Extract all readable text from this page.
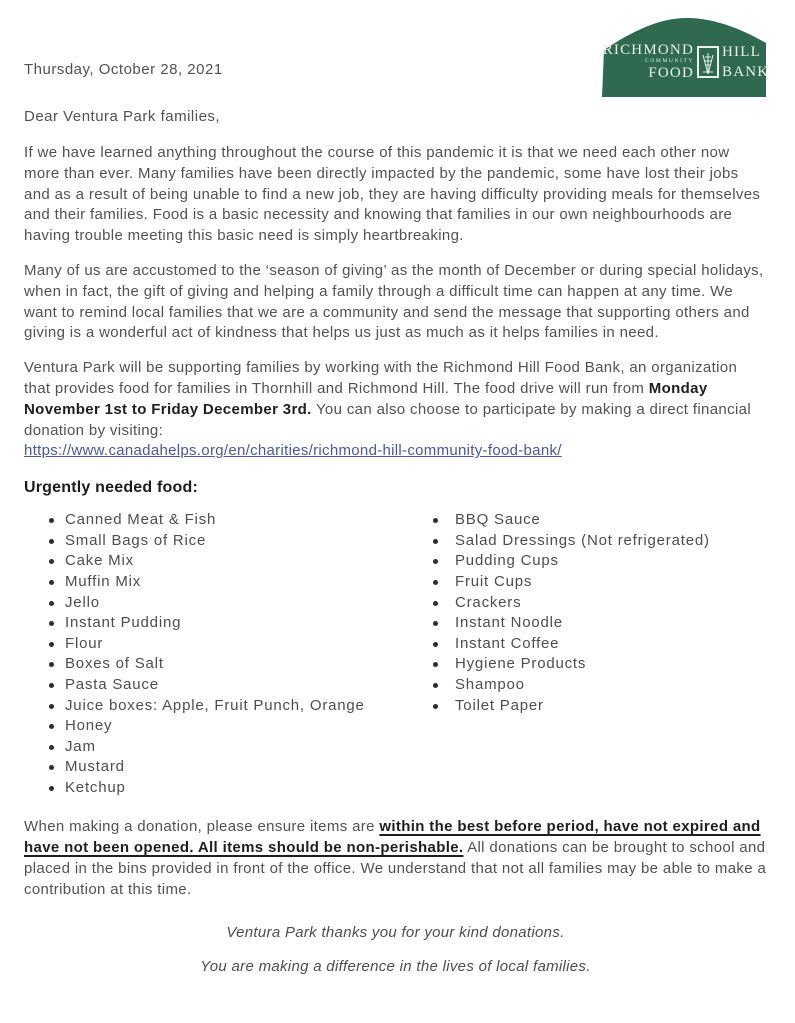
RICHMOND
COMMUNITY
FOOD
HILL
BANK
Thursday, October 28, 2021
Dear Ventura Park families,

If we have learned anything throughout the course of this pandemic it is that we need each other now more than ever. Many families have been directly impacted by the pandemic, some have lost their jobs and as a result of being unable to find a new job, they are having difficulty providing meals for themselves and their families. Food is a basic necessity and knowing that families in our own neighbourhoods are having trouble meeting this basic need is simply heartbreaking.

Many of us are accustomed to the ‘season of giving’ as the month of December or during special holidays, when in fact, the gift of giving and helping a family through a difficult time can happen at any time. We want to remind local families that we are a community and send the message that supporting others and giving is a wonderful act of kindness that helps us just as much as it helps families in need.

Ventura Park will be supporting families by working with the Richmond Hill Food Bank, an organization that provides food for families in Thornhill and Richmond Hill. The food drive will run from Monday November 1st to Friday December 3rd. You can also choose to participate by making a direct financial donation by visiting:
https://www.canadahelps.org/en/charities/richmond-hill-community-food-bank/

Urgently needed food:
Canned Meat & Fish
Small Bags of Rice
Cake Mix
Muffin Mix
Jello
Instant Pudding
Flour
Boxes of Salt
Pasta Sauce
Juice boxes: Apple, Fruit Punch, Orange
Honey
Jam
Mustard
Ketchup
BBQ Sauce
Salad Dressings (Not refrigerated)
Pudding Cups
Fruit Cups
Crackers
Instant Noodle
Instant Coffee
Hygiene Products
Shampoo
Toilet Paper

When making a donation, please ensure items are within the best before period, have not expired and have not been opened. All items should be non-perishable. All donations can be brought to school and placed in the bins provided in front of the office. We understand that not all families may be able to make a contribution at this time.

Ventura Park thanks you for your kind donations.
You are making a difference in the lives of local families.
